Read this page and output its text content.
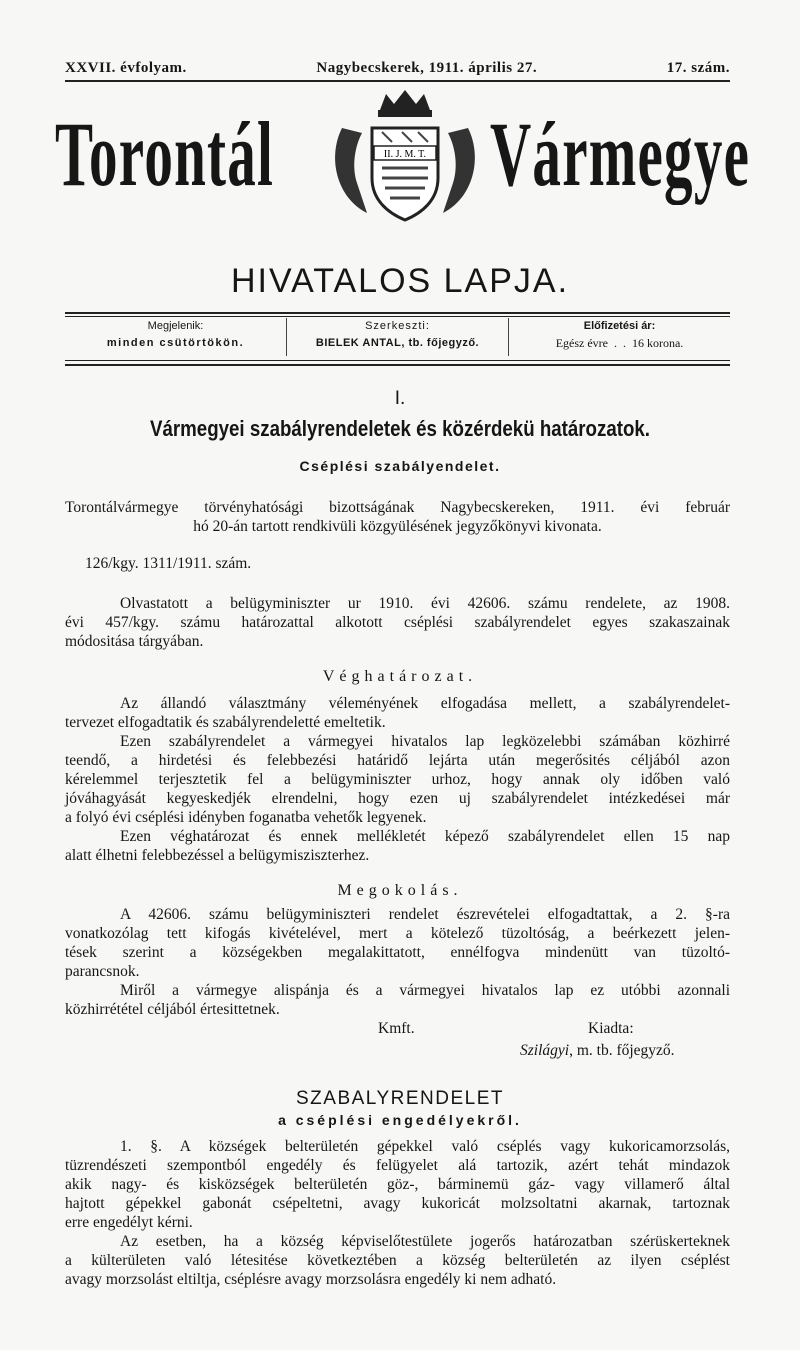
XXVII. évfolyam.	Nagybecskerek, 1911. április 27.	17. szám.
Torontál	II. J. M. T. Vármegye
HIVATALOS LAPJA.
Megjelenik:
minden csütörtökön.
Szerkeszti:
BIELEK ANTAL, tb. főjegyző.
Előfizetési ár:
Egész évre  .  .  16 korona.
I.
Vármegyei szabályrendeletek és közérdekü határozatok.
Cséplési szabályendelet.
Torontálvármegye törvényhatósági bizottságának Nagybecskereken, 1911. évi február
hó 20-án tartott rendkivüli közgyülésének jegyzőkönyvi kivonata.
126/kgy. 1311/1911. szám.
Olvastatott a belügyminiszter ur 1910. évi 42606. számu rendelete, az 1908.
évi 457/kgy. számu határozattal alkotott cséplési szabályrendelet egyes szakaszainak
módositása tárgyában.
Véghatározat.
Az állandó választmány véleményének elfogadása mellett, a szabályrendelet-
tervezet elfogadtatik és szabályrendeletté emeltetik.
Ezen szabályrendelet a vármegyei hivatalos lap legközelebbi számában közhirré
teendő, a hirdetési és felebbezési határidő lejárta után megerősités céljából azon
kérelemmel terjesztetik fel a belügyminiszter urhoz, hogy annak oly időben való
jóváhagyását kegyeskedjék elrendelni, hogy ezen uj szabályrendelet intézkedései már
a folyó évi cséplési idényben foganatba vehetők legyenek.
Ezen véghatározat és ennek mellékletét képező szabályrendelet ellen 15 nap
alatt élhetni felebbezéssel a belügymisziszterhez.
Megokolás.
A 42606. számu belügyminiszteri rendelet észrevételei elfogadtattak, a 2. §-ra
vonatkozólag tett kifogás kivételével, mert a kötelező tüzoltóság, a beérkezett jelen-
tések szerint a községekben megalakittatott, ennélfogva mindenütt van tüzoltó-
parancsnok.
Miről a vármegye alispánja és a vármegyei hivatalos lap ez utóbbi azonnali
közhirrététel céljából értesittetnek.
Kmft.	Kiadta:
Szilágyi, m. tb. főjegyző.
SZABALYRENDELET
a cséplési engedélyekről.
1. §. A községek belterületén gépekkel való cséplés vagy kukoricamorzsolás,
tüzrendészeti szempontból engedély és felügyelet alá tartozik, azért tehát mindazok
akik nagy- és kisközségek belterületén göz-, bárminemü gáz- vagy villamerő által
hajtott gépekkel gabonát csépeltetni, avagy kukoricát molzsoltatni akarnak, tartoznak
erre engedélyt kérni.
Az esetben, ha a község képviselőtestülete jogerős határozatban szérüskerteknek
a külterületen való létesitése következtében a község belterületén az ilyen cséplést
avagy morzsolást eltiltja, cséplésre avagy morzsolásra engedély ki nem adható.
